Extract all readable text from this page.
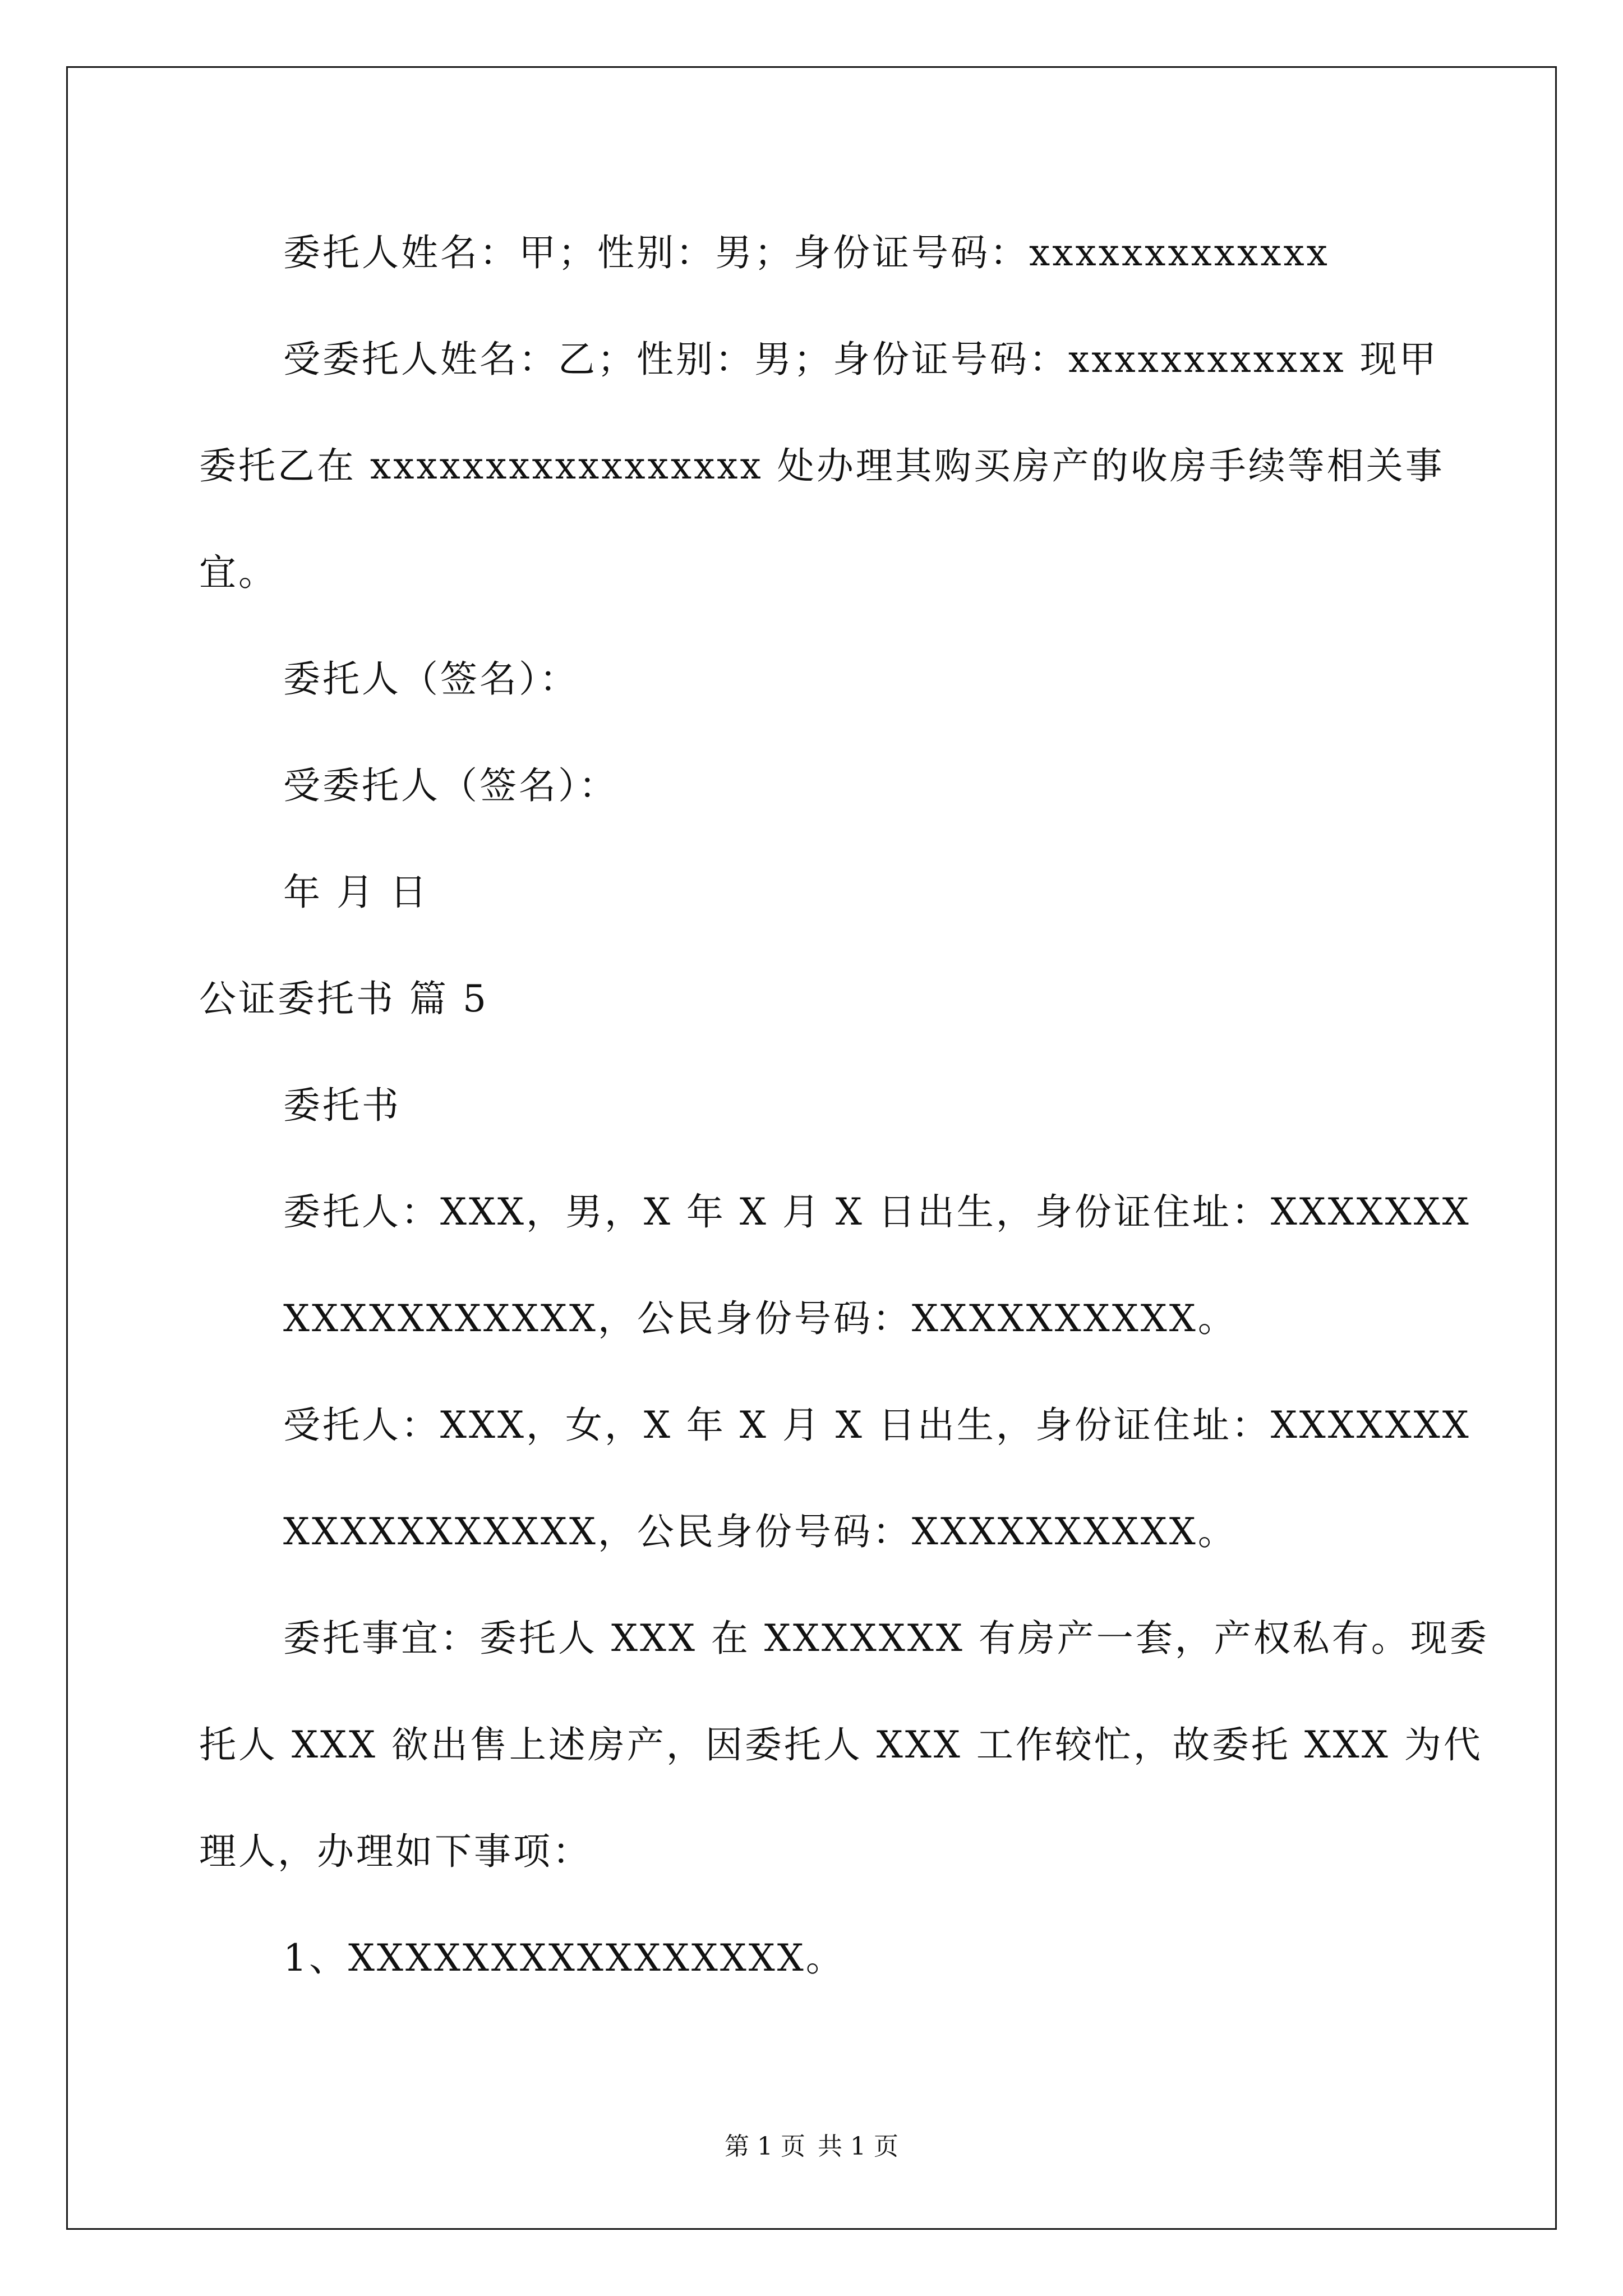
委托人姓名：甲；性别：男；身份证号码：xxxxxxxxxxxxx
受委托人姓名：乙；性别：男；身份证号码：xxxxxxxxxxxx 现甲
委托乙在 xxxxxxxxxxxxxxxxx 处办理其购买房产的收房手续等相关事
宜。
委托人（签名）：
受委托人（签名）：
年 月 日
公证委托书 篇 5
委托书
委托人：XXX，男，X 年 X 月 X 日出生，身份证住址：XXXXXXX
XXXXXXXXXXX，公民身份号码：XXXXXXXXXX。
受托人：XXX，女，X 年 X 月 X 日出生，身份证住址：XXXXXXX
XXXXXXXXXXX，公民身份号码：XXXXXXXXXX。
委托事宜：委托人 XXX 在 XXXXXXX 有房产一套，产权私有。现委
托人 XXX 欲出售上述房产，因委托人 XXX 工作较忙，故委托 XXX 为代
理人，办理如下事项：
1、XXXXXXXXXXXXXXXX。
第 1 页 共 1 页
